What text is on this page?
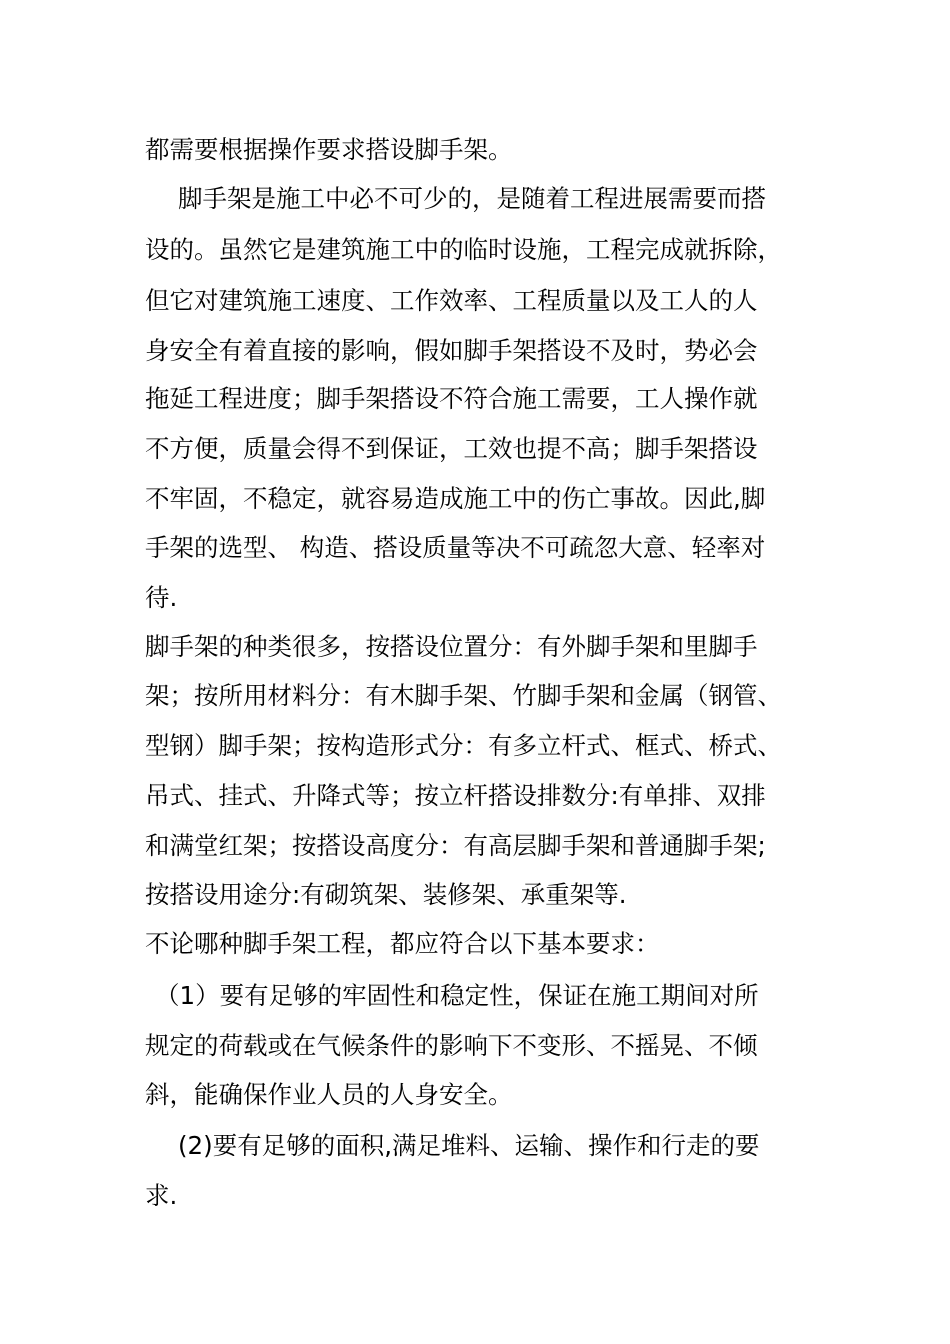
都需要根据操作要求搭设脚手架。
脚手架是施工中必不可少的，是随着工程进展需要而搭
设的。虽然它是建筑施工中的临时设施，工程完成就拆除，
但它对建筑施工速度、工作效率、工程质量以及工人的人
身安全有着直接的影响，假如脚手架搭设不及时，势必会
拖延工程进度；脚手架搭设不符合施工需要，工人操作就
不方便，质量会得不到保证，工效也提不高；脚手架搭设
不牢固，不稳定，就容易造成施工中的伤亡事故。因此,脚
手架的选型、 构造、搭设质量等决不可疏忽大意、轻率对
待.
脚手架的种类很多，按搭设位置分：有外脚手架和里脚手
架；按所用材料分：有木脚手架、竹脚手架和金属（钢管、
型钢）脚手架；按构造形式分：有多立杆式、框式、桥式、
吊式、挂式、升降式等；按立杆搭设排数分:有单排、双排
和满堂红架；按搭设高度分：有高层脚手架和普通脚手架;
按搭设用途分:有砌筑架、装修架、承重架等.
不论哪种脚手架工程，都应符合以下基本要求：
（1）要有足够的牢固性和稳定性，保证在施工期间对所
规定的荷载或在气候条件的影响下不变形、不摇晃、不倾
斜，能确保作业人员的人身安全。
(2)要有足够的面积,满足堆料、运输、操作和行走的要
求.
